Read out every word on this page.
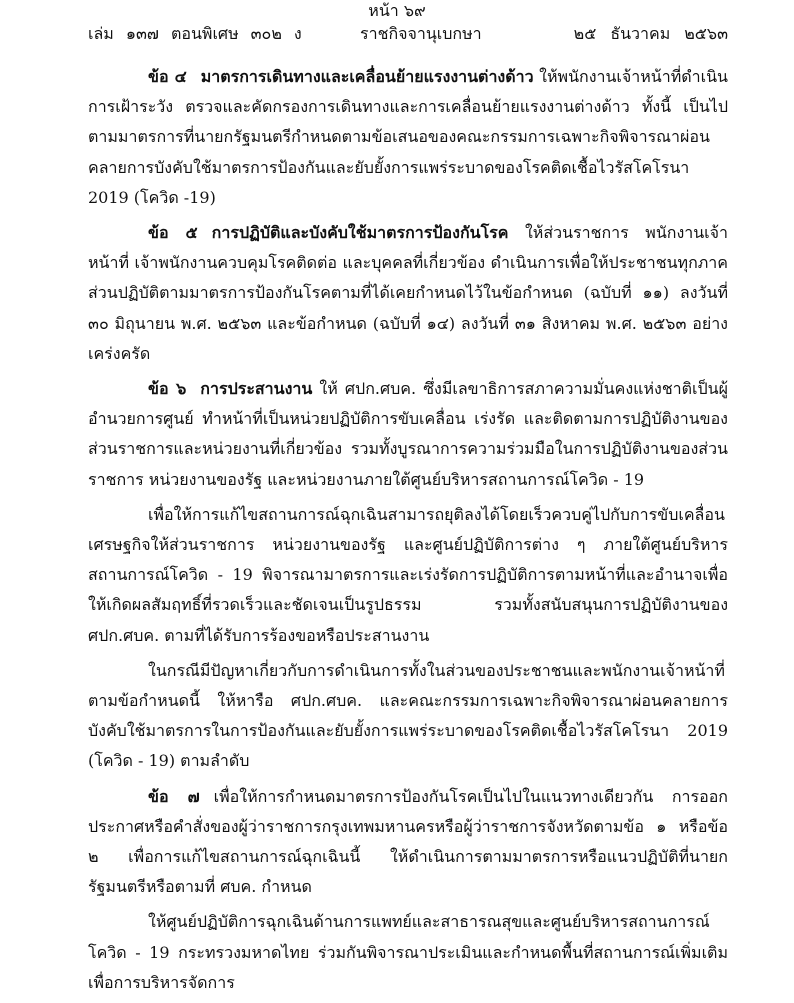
หน้า ๖๙
เล่ม ๑๓๗ ตอนพิเศษ ๓๐๒ ง	ราชกิจจานุเบกษา	๒๕ ธันวาคม ๒๕๖๓

ข้อ ๔ มาตรการเดินทางและเคลื่อนย้ายแรงงานต่างด้าว ให้พนักงานเจ้าหน้าที่ดำเนินการเฝ้าระวัง ตรวจและคัดกรองการเดินทางและการเคลื่อนย้ายแรงงานต่างด้าว ทั้งนี้ เป็นไปตามมาตรการที่นายกรัฐมนตรีกำหนดตามข้อเสนอของคณะกรรมการเฉพาะกิจพิจารณาผ่อนคลายการบังคับใช้มาตรการป้องกันและยับยั้งการแพร่ระบาดของโรคติดเชื้อไวรัสโคโรนา 2019 (โควิด -19)

ข้อ ๕ การปฏิบัติและบังคับใช้มาตรการป้องกันโรค ให้ส่วนราชการ พนักงานเจ้าหน้าที่ เจ้าพนักงานควบคุมโรคติดต่อ และบุคคลที่เกี่ยวข้อง ดำเนินการเพื่อให้ประชาชนทุกภาคส่วนปฏิบัติตามมาตรการป้องกันโรคตามที่ได้เคยกำหนดไว้ในข้อกำหนด (ฉบับที่ ๑๑) ลงวันที่ ๓๐ มิถุนายน พ.ศ. ๒๕๖๓ และข้อกำหนด (ฉบับที่ ๑๔) ลงวันที่ ๓๑ สิงหาคม พ.ศ. ๒๕๖๓ อย่างเคร่งครัด

ข้อ ๖ การประสานงาน ให้ ศปก.ศบค. ซึ่งมีเลขาธิการสภาความมั่นคงแห่งชาติเป็นผู้อำนวยการศูนย์ ทำหน้าที่เป็นหน่วยปฏิบัติการขับเคลื่อน เร่งรัด และติดตามการปฏิบัติงานของส่วนราชการและหน่วยงานที่เกี่ยวข้อง รวมทั้งบูรณาการความร่วมมือในการปฏิบัติงานของส่วนราชการ หน่วยงานของรัฐ และหน่วยงานภายใต้ศูนย์บริหารสถานการณ์โควิด - 19

เพื่อให้การแก้ไขสถานการณ์ฉุกเฉินสามารถยุติลงได้โดยเร็วควบคู่ไปกับการขับเคลื่อนเศรษฐกิจให้ส่วนราชการ หน่วยงานของรัฐ และศูนย์ปฏิบัติการต่าง ๆ ภายใต้ศูนย์บริหารสถานการณ์โควิด - 19 พิจารณามาตรการและเร่งรัดการปฏิบัติการตามหน้าที่และอำนาจเพื่อให้เกิดผลสัมฤทธิ์ที่รวดเร็วและชัดเจนเป็นรูปธรรม รวมทั้งสนับสนุนการปฏิบัติงานของ ศปก.ศบค. ตามที่ได้รับการร้องขอหรือประสานงาน

ในกรณีมีปัญหาเกี่ยวกับการดำเนินการทั้งในส่วนของประชาชนและพนักงานเจ้าหน้าที่ตามข้อกำหนดนี้ ให้หารือ ศปก.ศบค. และคณะกรรมการเฉพาะกิจพิจารณาผ่อนคลายการบังคับใช้มาตรการในการป้องกันและยับยั้งการแพร่ระบาดของโรคติดเชื้อไวรัสโคโรนา 2019 (โควิด - 19) ตามลำดับ

ข้อ ๗ เพื่อให้การกำหนดมาตรการป้องกันโรคเป็นไปในแนวทางเดียวกัน การออกประกาศหรือคำสั่งของผู้ว่าราชการกรุงเทพมหานครหรือผู้ว่าราชการจังหวัดตามข้อ ๑ หรือข้อ ๒ เพื่อการแก้ไขสถานการณ์ฉุกเฉินนี้ ให้ดำเนินการตามมาตรการหรือแนวปฏิบัติที่นายกรัฐมนตรีหรือตามที่ ศบค. กำหนด

ให้ศูนย์ปฏิบัติการฉุกเฉินด้านการแพทย์และสาธารณสุขและศูนย์บริหารสถานการณ์โควิด - 19 กระทรวงมหาดไทย ร่วมกันพิจารณาประเมินและกำหนดพื้นที่สถานการณ์เพิ่มเติมเพื่อการบริหารจัดการ
